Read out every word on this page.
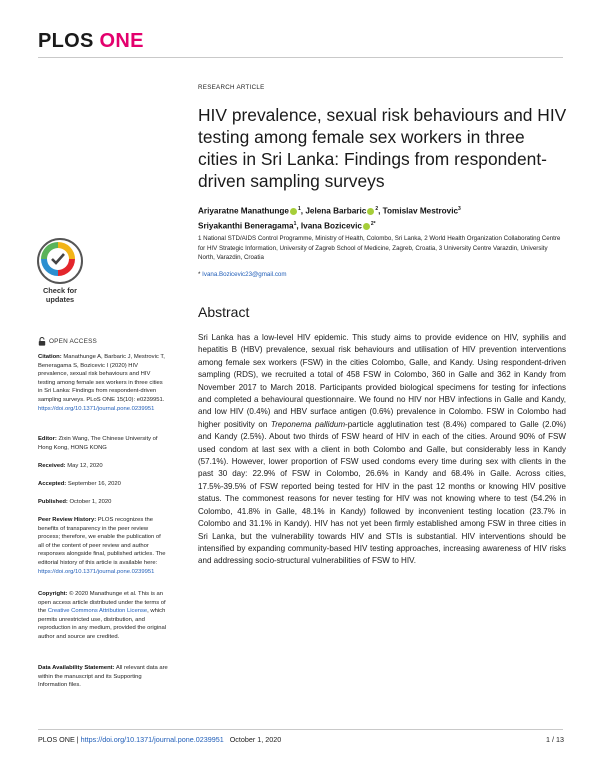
PLOS ONE
Check for
updates
RESEARCH ARTICLE
HIV prevalence, sexual risk behaviours and HIV testing among female sex workers in three cities in Sri Lanka: Findings from respondent-driven sampling surveys
Ariyaratne Manathunge $^1$, Jelena Barbaric $^2$, Tomislav Mestrovic$^3$
Sriyakanthi Beneragama$^1$, Ivana Bozicevic $^{2*}$
1 National STD/AIDS Control Programme, Ministry of Health, Colombo, Sri Lanka, 2 World Health Organization Collaborating Centre for HIV Strategic Information, University of Zagreb School of Medicine, Zagreb, Croatia, 3 University Centre Varazdin, University North, Varazdin, Croatia
* Ivana.Bozicevic23@gmail.com
Abstract
Sri Lanka has a low-level HIV epidemic. This study aims to provide evidence on HIV, syphilis and hepatitis B (HBV) prevalence, sexual risk behaviours and utilisation of HIV prevention interventions among female sex workers (FSW) in the cities Colombo, Galle, and Kandy. Using respondent-driven sampling (RDS), we recruited a total of 458 FSW in Colombo, 360 in Galle and 362 in Kandy from November 2017 to March 2018. Participants provided biological specimens for testing for infections and completed a behavioural questionnaire. We found no HIV nor HBV infections in Galle and Kandy, and low HIV (0.4%) and HBV surface antigen (0.6%) prevalence in Colombo. FSW in Colombo had higher positivity on Treponema pallidum-particle agglutination test (8.4%) compared to Galle (2.0%) and Kandy (2.5%). About two thirds of FSW heard of HIV in each of the cities. Around 90% of FSW used condom at last sex with a client in both Colombo and Galle, but considerably less in Kandy (57.1%). However, lower proportion of FSW used condoms every time during sex with clients in the past 30 day: 22.9% of FSW in Colombo, 26.6% in Kandy and 68.4% in Galle. Across cities, 17.5%-39.5% of FSW reported being tested for HIV in the past 12 months or knowing HIV positive status. The commonest reasons for never testing for HIV was not knowing where to test (54.2% in Colombo, 41.8% in Galle, 48.1% in Kandy) followed by inconvenient testing location (23.7% in Colombo and 31.1% in Kandy). HIV has not yet been firmly established among FSW in three cities in Sri Lanka, but the vulnerability towards HIV and STIs is substantial. HIV interventions should be intensified by expanding community-based HIV testing approaches, increasing awareness of HIV risks and addressing socio-structural vulnerabilities of FSW to HIV.
OPEN ACCESS
Citation: Manathunge A, Barbaric J, Mestrovic T, Beneragama S, Bozicevic I (2020) HIV prevalence, sexual risk behaviours and HIV testing among female sex workers in three cities in Sri Lanka: Findings from respondent-driven sampling surveys. PLoS ONE 15(10): e0239951. https://doi.org/10.1371/journal.pone.0239951
Editor: Zixin Wang, The Chinese University of Hong Kong, HONG KONG
Received: May 12, 2020
Accepted: September 16, 2020
Published: October 1, 2020
Peer Review History: PLOS recognizes the benefits of transparency in the peer review process; therefore, we enable the publication of all of the content of peer review and author responses alongside final, published articles. The editorial history of this article is available here: https://doi.org/10.1371/journal.pone.0239951
Copyright: © 2020 Manathunge et al. This is an open access article distributed under the terms of the Creative Commons Attribution License, which permits unrestricted use, distribution, and reproduction in any medium, provided the original author and source are credited.
Data Availability Statement: All relevant data are within the manuscript and its Supporting Information files.
PLOS ONE | https://doi.org/10.1371/journal.pone.0239951   October 1, 2020	1 / 13
